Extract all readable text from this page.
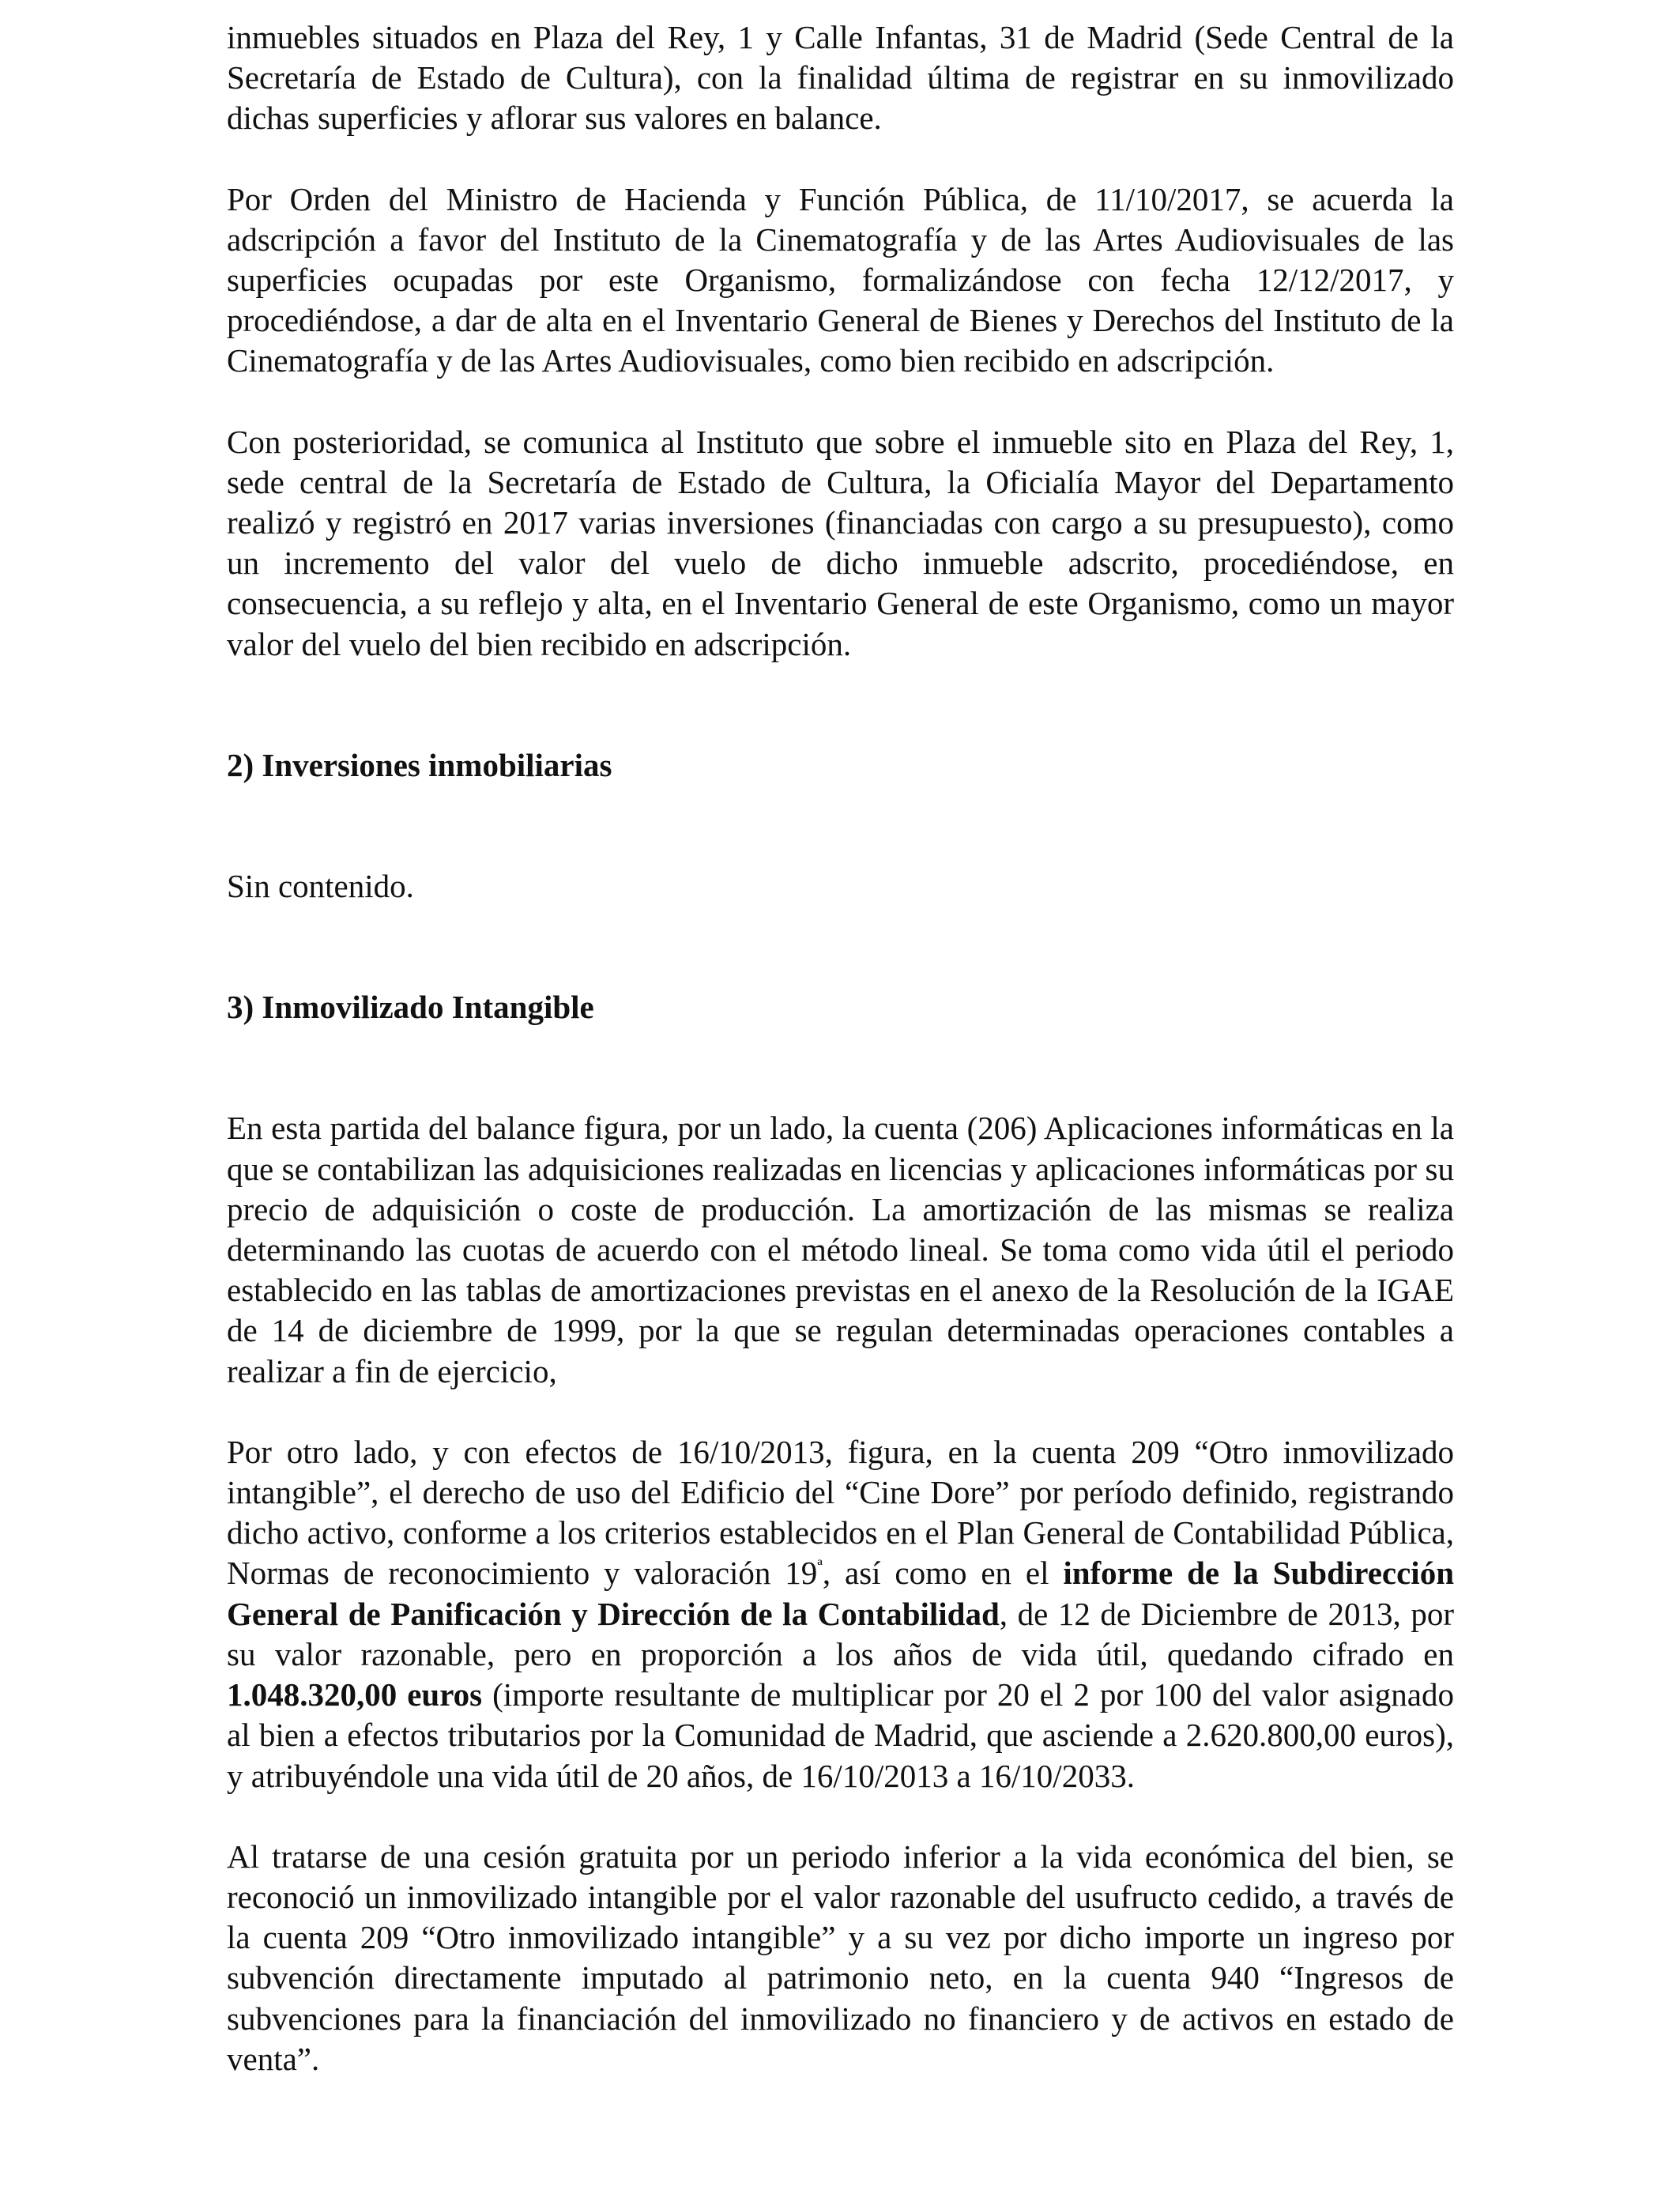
inmuebles situados en Plaza del Rey, 1 y Calle Infantas, 31 de Madrid (Sede Central de la Secretaría de Estado de Cultura), con la finalidad última de registrar en su inmovilizado dichas superficies y aflorar sus valores en balance.

Por Orden del Ministro de Hacienda y Función Pública, de 11/10/2017, se acuerda la adscripción a favor del Instituto de la Cinematografía y de las Artes Audiovisuales de las superficies ocupadas por este Organismo, formalizándose con fecha 12/12/2017, y procediéndose, a dar de alta en el Inventario General de Bienes y Derechos del Instituto de la Cinematografía y de las Artes Audiovisuales, como bien recibido en adscripción.

Con posterioridad, se comunica al Instituto que sobre el inmueble sito en Plaza del Rey, 1, sede central de la Secretaría de Estado de Cultura, la Oficialía Mayor del Departamento realizó y registró en 2017 varias inversiones (financiadas con cargo a su presupuesto), como un incremento del valor del vuelo de dicho inmueble adscrito, procediéndose, en consecuencia, a su reflejo y alta, en el Inventario General de este Organismo, como un mayor valor del vuelo del bien recibido en adscripción.

2) Inversiones inmobiliarias

Sin contenido.

3) Inmovilizado Intangible

En esta partida del balance figura, por un lado, la cuenta (206) Aplicaciones informáticas en la que se contabilizan las adquisiciones realizadas en licencias y aplicaciones informáticas por su precio de adquisición o coste de producción. La amortización de las mismas se realiza determinando las cuotas de acuerdo con el método lineal. Se toma como vida útil el periodo establecido en las tablas de amortizaciones previstas en el anexo de la Resolución de la IGAE de 14 de diciembre de 1999, por la que se regulan determinadas operaciones contables a realizar a fin de ejercicio,

Por otro lado, y con efectos de 16/10/2013, figura, en la cuenta 209 “Otro inmovilizado intangible”, el derecho de uso del Edificio del “Cine Dore” por período definido, registrando dicho activo, conforme a los criterios establecidos en el Plan General de Contabilidad Pública, Normas de reconocimiento y valoración $19^ª$, así como en el informe de la Subdirección General de Panificación y Dirección de la Contabilidad, de 12 de Diciembre de 2013, por su valor razonable, pero en proporción a los años de vida útil, quedando cifrado en 1.048.320,00 euros (importe resultante de multiplicar por 20 el 2 por 100 del valor asignado al bien a efectos tributarios por la Comunidad de Madrid, que asciende a 2.620.800,00 euros), y atribuyéndole una vida útil de 20 años, de 16/10/2013 a 16/10/2033.

Al tratarse de una cesión gratuita por un periodo inferior a la vida económica del bien, se reconoció un inmovilizado intangible por el valor razonable del usufructo cedido, a través de la cuenta 209 “Otro inmovilizado intangible” y a su vez por dicho importe un ingreso por subvención directamente imputado al patrimonio neto, en la cuenta 940 “Ingresos de subvenciones para la financiación del inmovilizado no financiero y de activos en estado de venta”.
